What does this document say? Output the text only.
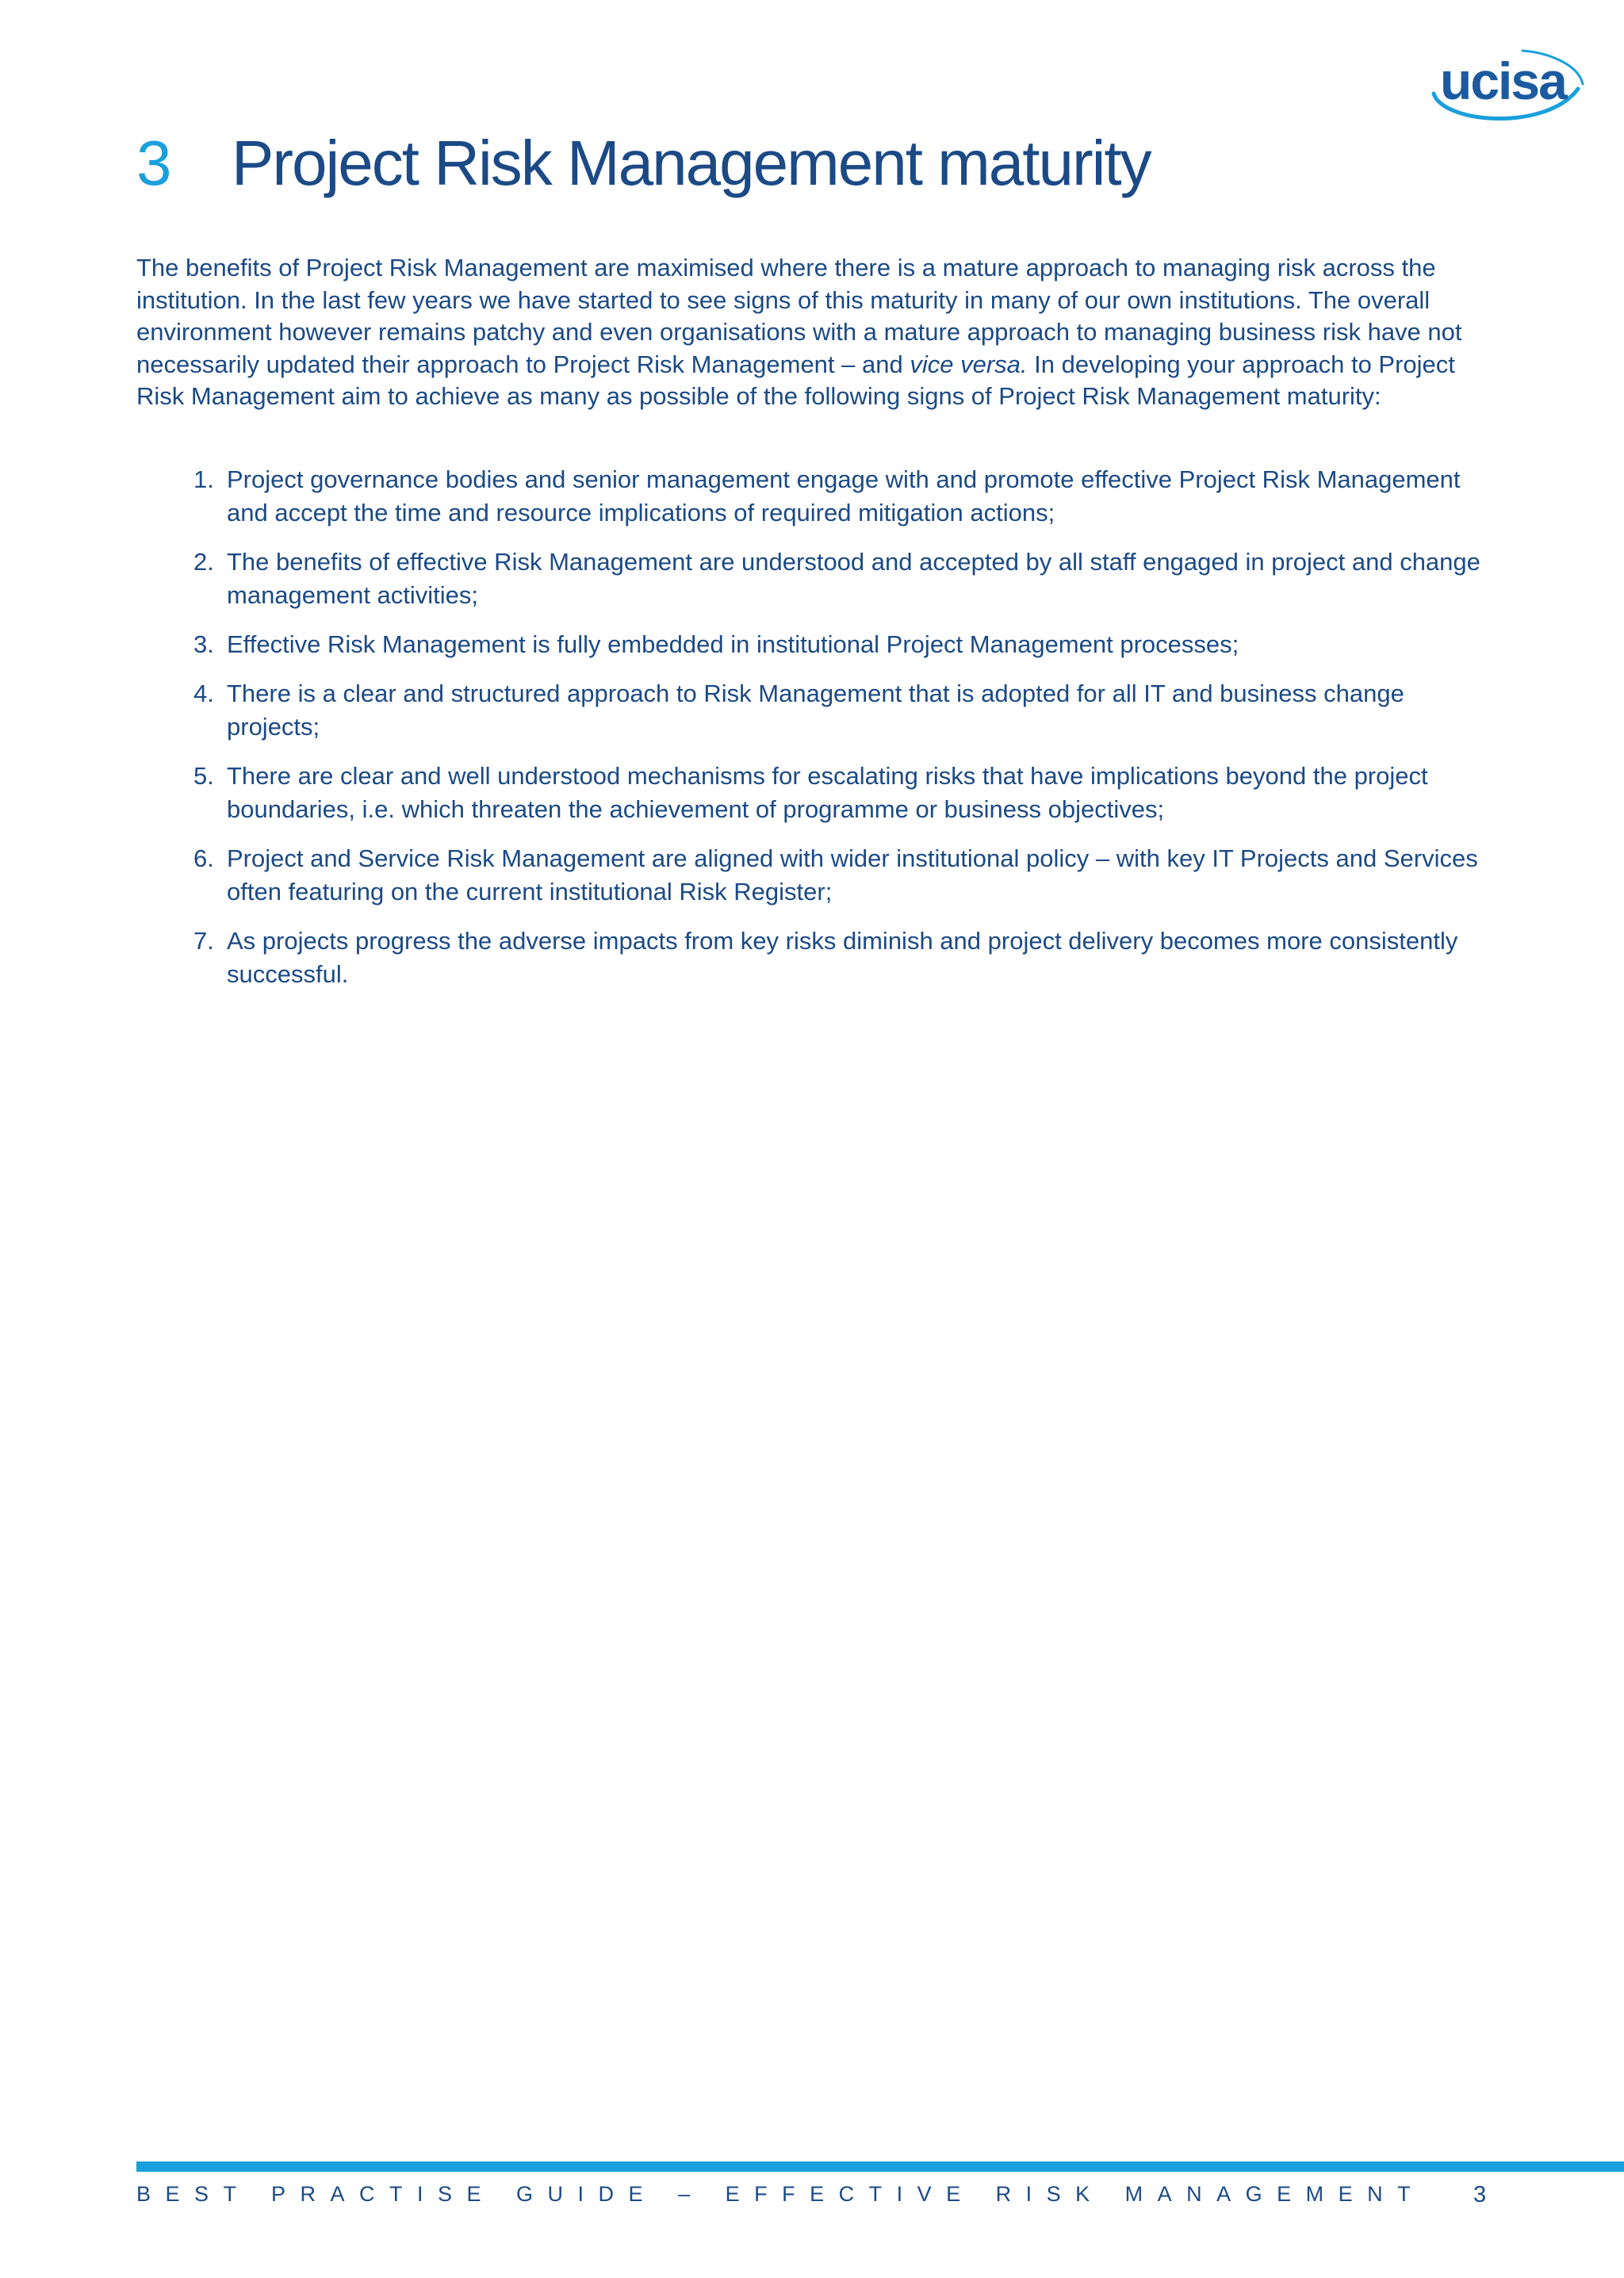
ucisa
3 Project Risk Management maturity

The benefits of Project Risk Management are maximised where there is a mature approach to managing risk across the institution. In the last few years we have started to see signs of this maturity in many of our own institutions. The overall environment however remains patchy and even organisations with a mature approach to managing business risk have not necessarily updated their approach to Project Risk Management – and vice versa. In developing your approach to Project Risk Management aim to achieve as many as possible of the following signs of Project Risk Management maturity:

1. Project governance bodies and senior management engage with and promote effective Project Risk Management and accept the time and resource implications of required mitigation actions;
2. The benefits of effective Risk Management are understood and accepted by all staff engaged in project and change management activities;
3. Effective Risk Management is fully embedded in institutional Project Management processes;
4. There is a clear and structured approach to Risk Management that is adopted for all IT and business change projects;
5. There are clear and well understood mechanisms for escalating risks that have implications beyond the project boundaries, i.e. which threaten the achievement of programme or business objectives;
6. Project and Service Risk Management are aligned with wider institutional policy – with key IT Projects and Services often featuring on the current institutional Risk Register;
7. As projects progress the adverse impacts from key risks diminish and project delivery becomes more consistently successful.
BEST PRACTISE GUIDE – EFFECTIVE RISK MANAGEMENT 3
